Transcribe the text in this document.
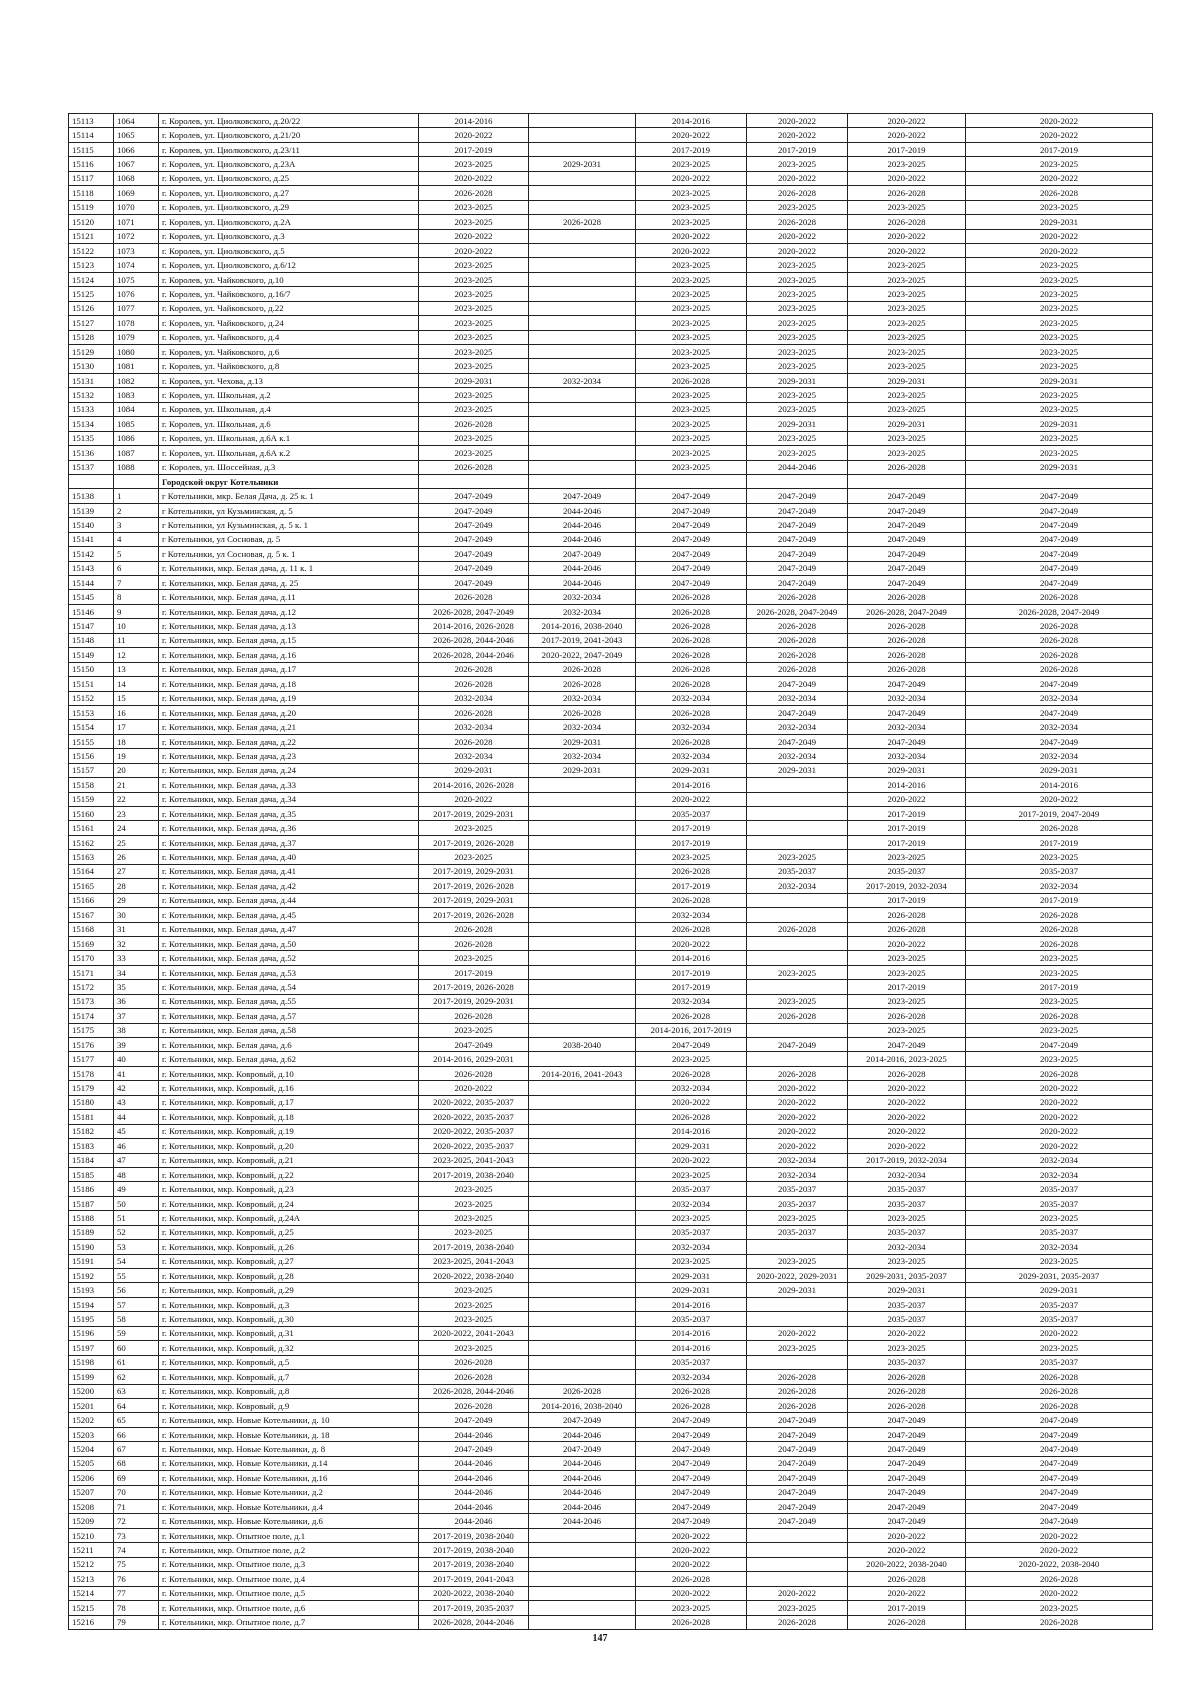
15113	1064	г. Королев, ул. Циолковского, д.20/22	2014-2016		2014-2016	2020-2022	2020-2022	2020-2022
15114	1065	г. Королев, ул. Циолковского, д.21/20	2020-2022		2020-2022	2020-2022	2020-2022	2020-2022
15115	1066	г. Королев, ул. Циолковского, д.23/11	2017-2019		2017-2019	2017-2019	2017-2019	2017-2019
15116	1067	г. Королев, ул. Циолковского, д.23А	2023-2025	2029-2031	2023-2025	2023-2025	2023-2025	2023-2025
15117	1068	г. Королев, ул. Циолковского, д.25	2020-2022		2020-2022	2020-2022	2020-2022	2020-2022
15118	1069	г. Королев, ул. Циолковского, д.27	2026-2028		2023-2025	2026-2028	2026-2028	2026-2028
15119	1070	г. Королев, ул. Циолковского, д.29	2023-2025		2023-2025	2023-2025	2023-2025	2023-2025
15120	1071	г. Королев, ул. Циолковского, д.2А	2023-2025	2026-2028	2023-2025	2026-2028	2026-2028	2029-2031
15121	1072	г. Королев, ул. Циолковского, д.3	2020-2022		2020-2022	2020-2022	2020-2022	2020-2022
15122	1073	г. Королев, ул. Циолковского, д.5	2020-2022		2020-2022	2020-2022	2020-2022	2020-2022
15123	1074	г. Королев, ул. Циолковского, д.6/12	2023-2025		2023-2025	2023-2025	2023-2025	2023-2025
15124	1075	г. Королев, ул. Чайковского, д.10	2023-2025		2023-2025	2023-2025	2023-2025	2023-2025
15125	1076	г. Королев, ул. Чайковского, д.16/7	2023-2025		2023-2025	2023-2025	2023-2025	2023-2025
15126	1077	г. Королев, ул. Чайковского, д.22	2023-2025		2023-2025	2023-2025	2023-2025	2023-2025
15127	1078	г. Королев, ул. Чайковского, д.24	2023-2025		2023-2025	2023-2025	2023-2025	2023-2025
15128	1079	г. Королев, ул. Чайковского, д.4	2023-2025		2023-2025	2023-2025	2023-2025	2023-2025
15129	1080	г. Королев, ул. Чайковского, д.6	2023-2025		2023-2025	2023-2025	2023-2025	2023-2025
15130	1081	г. Королев, ул. Чайковского, д.8	2023-2025		2023-2025	2023-2025	2023-2025	2023-2025
15131	1082	г. Королев, ул. Чехова, д.13	2029-2031	2032-2034	2026-2028	2029-2031	2029-2031	2029-2031
15132	1083	г. Королев, ул. Школьная, д.2	2023-2025		2023-2025	2023-2025	2023-2025	2023-2025
15133	1084	г. Королев, ул. Школьная, д.4	2023-2025		2023-2025	2023-2025	2023-2025	2023-2025
15134	1085	г. Королев, ул. Школьная, д.6	2026-2028		2023-2025	2029-2031	2029-2031	2029-2031
15135	1086	г. Королев, ул. Школьная, д.6А к.1	2023-2025		2023-2025	2023-2025	2023-2025	2023-2025
15136	1087	г. Королев, ул. Школьная, д.6А к.2	2023-2025		2023-2025	2023-2025	2023-2025	2023-2025
15137	1088	г. Королев, ул. Шоссейная, д.3	2026-2028		2023-2025	2044-2046	2026-2028	2029-2031
		Городской округ Котельники						
15138	1	г Котельники, мкр. Белая Дача, д. 25 к. 1	2047-2049	2047-2049	2047-2049	2047-2049	2047-2049	2047-2049
15139	2	г Котельники, ул Кузьминская, д. 5	2047-2049	2044-2046	2047-2049	2047-2049	2047-2049	2047-2049
15140	3	г Котельники, ул Кузьминская, д. 5 к. 1	2047-2049	2044-2046	2047-2049	2047-2049	2047-2049	2047-2049
15141	4	г Котельники, ул Сосновая, д. 5	2047-2049	2044-2046	2047-2049	2047-2049	2047-2049	2047-2049
15142	5	г Котельники, ул Сосновая, д. 5 к. 1	2047-2049	2047-2049	2047-2049	2047-2049	2047-2049	2047-2049
15143	6	г. Котельники, мкр. Белая дача, д. 11 к. 1	2047-2049	2044-2046	2047-2049	2047-2049	2047-2049	2047-2049
15144	7	г. Котельники, мкр. Белая дача, д. 25	2047-2049	2044-2046	2047-2049	2047-2049	2047-2049	2047-2049
15145	8	г. Котельники, мкр. Белая дача, д.11	2026-2028	2032-2034	2026-2028	2026-2028	2026-2028	2026-2028
15146	9	г. Котельники, мкр. Белая дача, д.12	2026-2028, 2047-2049	2032-2034	2026-2028	2026-2028, 2047-2049	2026-2028, 2047-2049	2026-2028, 2047-2049
15147	10	г. Котельники, мкр. Белая дача, д.13	2014-2016, 2026-2028	2014-2016, 2038-2040	2026-2028	2026-2028	2026-2028	2026-2028
15148	11	г. Котельники, мкр. Белая дача, д.15	2026-2028, 2044-2046	2017-2019, 2041-2043	2026-2028	2026-2028	2026-2028	2026-2028
15149	12	г. Котельники, мкр. Белая дача, д.16	2026-2028, 2044-2046	2020-2022, 2047-2049	2026-2028	2026-2028	2026-2028	2026-2028
15150	13	г. Котельники, мкр. Белая дача, д.17	2026-2028	2026-2028	2026-2028	2026-2028	2026-2028	2026-2028
15151	14	г. Котельники, мкр. Белая дача, д.18	2026-2028	2026-2028	2026-2028	2047-2049	2047-2049	2047-2049
15152	15	г. Котельники, мкр. Белая дача, д.19	2032-2034	2032-2034	2032-2034	2032-2034	2032-2034	2032-2034
15153	16	г. Котельники, мкр. Белая дача, д.20	2026-2028	2026-2028	2026-2028	2047-2049	2047-2049	2047-2049
15154	17	г. Котельники, мкр. Белая дача, д.21	2032-2034	2032-2034	2032-2034	2032-2034	2032-2034	2032-2034
15155	18	г. Котельники, мкр. Белая дача, д.22	2026-2028	2029-2031	2026-2028	2047-2049	2047-2049	2047-2049
15156	19	г. Котельники, мкр. Белая дача, д.23	2032-2034	2032-2034	2032-2034	2032-2034	2032-2034	2032-2034
15157	20	г. Котельники, мкр. Белая дача, д.24	2029-2031	2029-2031	2029-2031	2029-2031	2029-2031	2029-2031
15158	21	г. Котельники, мкр. Белая дача, д.33	2014-2016, 2026-2028		2014-2016		2014-2016	2014-2016
15159	22	г. Котельники, мкр. Белая дача, д.34	2020-2022		2020-2022		2020-2022	2020-2022
15160	23	г. Котельники, мкр. Белая дача, д.35	2017-2019, 2029-2031		2035-2037		2017-2019	2017-2019, 2047-2049
15161	24	г. Котельники, мкр. Белая дача, д.36	2023-2025		2017-2019		2017-2019	2026-2028
15162	25	г. Котельники, мкр. Белая дача, д.37	2017-2019, 2026-2028		2017-2019		2017-2019	2017-2019
15163	26	г. Котельники, мкр. Белая дача, д.40	2023-2025		2023-2025	2023-2025	2023-2025	2023-2025
15164	27	г. Котельники, мкр. Белая дача, д.41	2017-2019, 2029-2031		2026-2028	2035-2037	2035-2037	2035-2037
15165	28	г. Котельники, мкр. Белая дача, д.42	2017-2019, 2026-2028		2017-2019	2032-2034	2017-2019, 2032-2034	2032-2034
15166	29	г. Котельники, мкр. Белая дача, д.44	2017-2019, 2029-2031		2026-2028		2017-2019	2017-2019
15167	30	г. Котельники, мкр. Белая дача, д.45	2017-2019, 2026-2028		2032-2034		2026-2028	2026-2028
15168	31	г. Котельники, мкр. Белая дача, д.47	2026-2028		2026-2028	2026-2028	2026-2028	2026-2028
15169	32	г. Котельники, мкр. Белая дача, д.50	2026-2028		2020-2022		2020-2022	2026-2028
15170	33	г. Котельники, мкр. Белая дача, д.52	2023-2025		2014-2016		2023-2025	2023-2025
15171	34	г. Котельники, мкр. Белая дача, д.53	2017-2019		2017-2019	2023-2025	2023-2025	2023-2025
15172	35	г. Котельники, мкр. Белая дача, д.54	2017-2019, 2026-2028		2017-2019		2017-2019	2017-2019
15173	36	г. Котельники, мкр. Белая дача, д.55	2017-2019, 2029-2031		2032-2034	2023-2025	2023-2025	2023-2025
15174	37	г. Котельники, мкр. Белая дача, д.57	2026-2028		2026-2028	2026-2028	2026-2028	2026-2028
15175	38	г. Котельники, мкр. Белая дача, д.58	2023-2025		2014-2016, 2017-2019		2023-2025	2023-2025
15176	39	г. Котельники, мкр. Белая дача, д.6	2047-2049	2038-2040	2047-2049	2047-2049	2047-2049	2047-2049
15177	40	г. Котельники, мкр. Белая дача, д.62	2014-2016, 2029-2031		2023-2025		2014-2016, 2023-2025	2023-2025
15178	41	г. Котельники, мкр. Ковровый, д.10	2026-2028	2014-2016, 2041-2043	2026-2028	2026-2028	2026-2028	2026-2028
15179	42	г. Котельники, мкр. Ковровый, д.16	2020-2022		2032-2034	2020-2022	2020-2022	2020-2022
15180	43	г. Котельники, мкр. Ковровый, д.17	2020-2022, 2035-2037		2020-2022	2020-2022	2020-2022	2020-2022
15181	44	г. Котельники, мкр. Ковровый, д.18	2020-2022, 2035-2037		2026-2028	2020-2022	2020-2022	2020-2022
15182	45	г. Котельники, мкр. Ковровый, д.19	2020-2022, 2035-2037		2014-2016	2020-2022	2020-2022	2020-2022
15183	46	г. Котельники, мкр. Ковровый, д.20	2020-2022, 2035-2037		2029-2031	2020-2022	2020-2022	2020-2022
15184	47	г. Котельники, мкр. Ковровый, д.21	2023-2025, 2041-2043		2020-2022	2032-2034	2017-2019, 2032-2034	2032-2034
15185	48	г. Котельники, мкр. Ковровый, д.22	2017-2019, 2038-2040		2023-2025	2032-2034	2032-2034	2032-2034
15186	49	г. Котельники, мкр. Ковровый, д.23	2023-2025		2035-2037	2035-2037	2035-2037	2035-2037
15187	50	г. Котельники, мкр. Ковровый, д.24	2023-2025		2032-2034	2035-2037	2035-2037	2035-2037
15188	51	г. Котельники, мкр. Ковровый, д.24А	2023-2025		2023-2025	2023-2025	2023-2025	2023-2025
15189	52	г. Котельники, мкр. Ковровый, д.25	2023-2025		2035-2037	2035-2037	2035-2037	2035-2037
15190	53	г. Котельники, мкр. Ковровый, д.26	2017-2019, 2038-2040		2032-2034		2032-2034	2032-2034
15191	54	г. Котельники, мкр. Ковровый, д.27	2023-2025, 2041-2043		2023-2025	2023-2025	2023-2025	2023-2025
15192	55	г. Котельники, мкр. Ковровый, д.28	2020-2022, 2038-2040		2029-2031	2020-2022, 2029-2031	2029-2031, 2035-2037	2029-2031, 2035-2037
15193	56	г. Котельники, мкр. Ковровый, д.29	2023-2025		2029-2031	2029-2031	2029-2031	2029-2031
15194	57	г. Котельники, мкр. Ковровый, д.3	2023-2025		2014-2016		2035-2037	2035-2037
15195	58	г. Котельники, мкр. Ковровый, д.30	2023-2025		2035-2037		2035-2037	2035-2037
15196	59	г. Котельники, мкр. Ковровый, д.31	2020-2022, 2041-2043		2014-2016	2020-2022	2020-2022	2020-2022
15197	60	г. Котельники, мкр. Ковровый, д.32	2023-2025		2014-2016	2023-2025	2023-2025	2023-2025
15198	61	г. Котельники, мкр. Ковровый, д.5	2026-2028		2035-2037		2035-2037	2035-2037
15199	62	г. Котельники, мкр. Ковровый, д.7	2026-2028		2032-2034	2026-2028	2026-2028	2026-2028
15200	63	г. Котельники, мкр. Ковровый, д.8	2026-2028, 2044-2046	2026-2028	2026-2028	2026-2028	2026-2028	2026-2028
15201	64	г. Котельники, мкр. Ковровый, д.9	2026-2028	2014-2016, 2038-2040	2026-2028	2026-2028	2026-2028	2026-2028
15202	65	г. Котельники, мкр. Новые Котельники, д. 10	2047-2049	2047-2049	2047-2049	2047-2049	2047-2049	2047-2049
15203	66	г. Котельники, мкр. Новые Котельники, д. 18	2044-2046	2044-2046	2047-2049	2047-2049	2047-2049	2047-2049
15204	67	г. Котельники, мкр. Новые Котельники, д. 8	2047-2049	2047-2049	2047-2049	2047-2049	2047-2049	2047-2049
15205	68	г. Котельники, мкр. Новые Котельники, д.14	2044-2046	2044-2046	2047-2049	2047-2049	2047-2049	2047-2049
15206	69	г. Котельники, мкр. Новые Котельники, д.16	2044-2046	2044-2046	2047-2049	2047-2049	2047-2049	2047-2049
15207	70	г. Котельники, мкр. Новые Котельники, д.2	2044-2046	2044-2046	2047-2049	2047-2049	2047-2049	2047-2049
15208	71	г. Котельники, мкр. Новые Котельники, д.4	2044-2046	2044-2046	2047-2049	2047-2049	2047-2049	2047-2049
15209	72	г. Котельники, мкр. Новые Котельники, д.6	2044-2046	2044-2046	2047-2049	2047-2049	2047-2049	2047-2049
15210	73	г. Котельники, мкр. Опытное поле, д.1	2017-2019, 2038-2040		2020-2022		2020-2022	2020-2022
15211	74	г. Котельники, мкр. Опытное поле, д.2	2017-2019, 2038-2040		2020-2022		2020-2022	2020-2022
15212	75	г. Котельники, мкр. Опытное поле, д.3	2017-2019, 2038-2040		2020-2022		2020-2022, 2038-2040	2020-2022, 2038-2040
15213	76	г. Котельники, мкр. Опытное поле, д.4	2017-2019, 2041-2043		2026-2028		2026-2028	2026-2028
15214	77	г. Котельники, мкр. Опытное поле, д.5	2020-2022, 2038-2040		2020-2022	2020-2022	2020-2022	2020-2022
15215	78	г. Котельники, мкр. Опытное поле, д.6	2017-2019, 2035-2037		2023-2025	2023-2025	2017-2019	2023-2025
15216	79	г. Котельники, мкр. Опытное поле, д.7	2026-2028, 2044-2046		2026-2028	2026-2028	2026-2028	2026-2028
147
